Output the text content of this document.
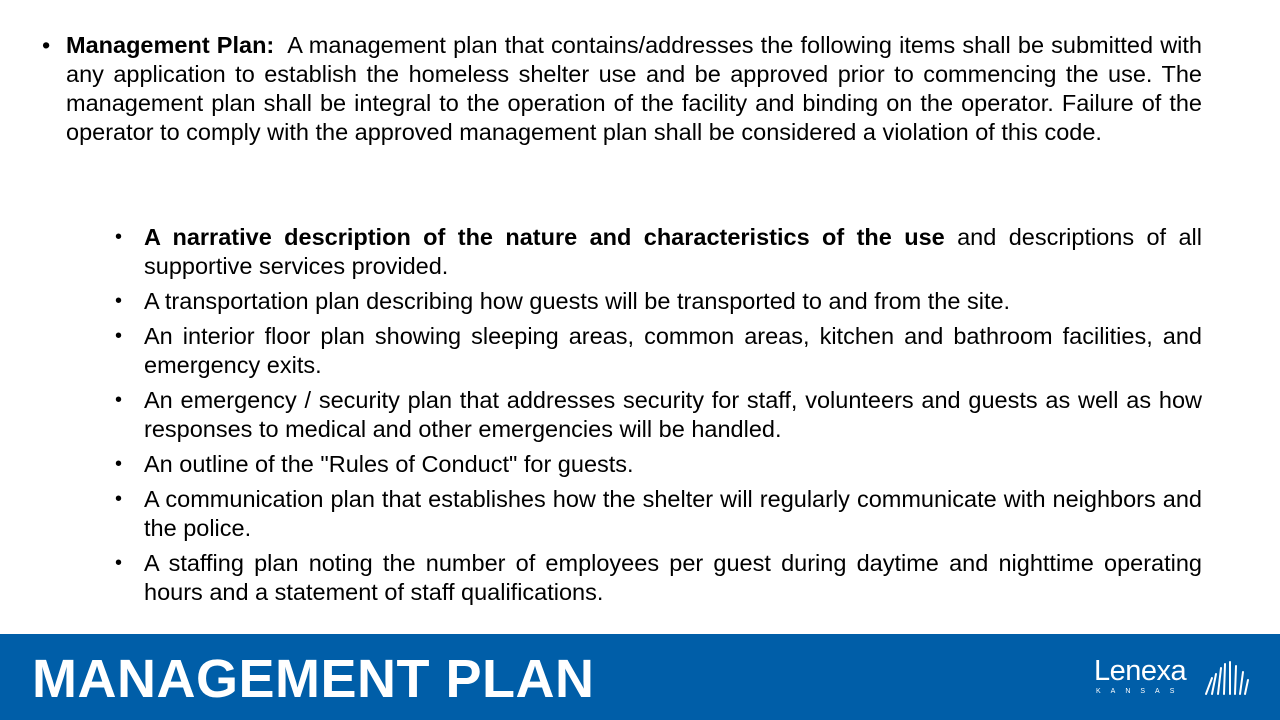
• Management Plan: A management plan that contains/addresses the following items shall be submitted with any application to establish the homeless shelter use and be approved prior to commencing the use. The management plan shall be integral to the operation of the facility and binding on the operator. Failure of the operator to comply with the approved management plan shall be considered a violation of this code.
• A narrative description of the nature and characteristics of the use and descriptions of all supportive services provided.
• A transportation plan describing how guests will be transported to and from the site.
• An interior floor plan showing sleeping areas, common areas, kitchen and bathroom facilities, and emergency exits.
• An emergency / security plan that addresses security for staff, volunteers and guests as well as how responses to medical and other emergencies will be handled.
• An outline of the "Rules of Conduct" for guests.
• A communication plan that establishes how the shelter will regularly communicate with neighbors and the police.
• A staffing plan noting the number of employees per guest during daytime and nighttime operating hours and a statement of staff qualifications.
MANAGEMENT PLAN	Lenexa
KANSAS
